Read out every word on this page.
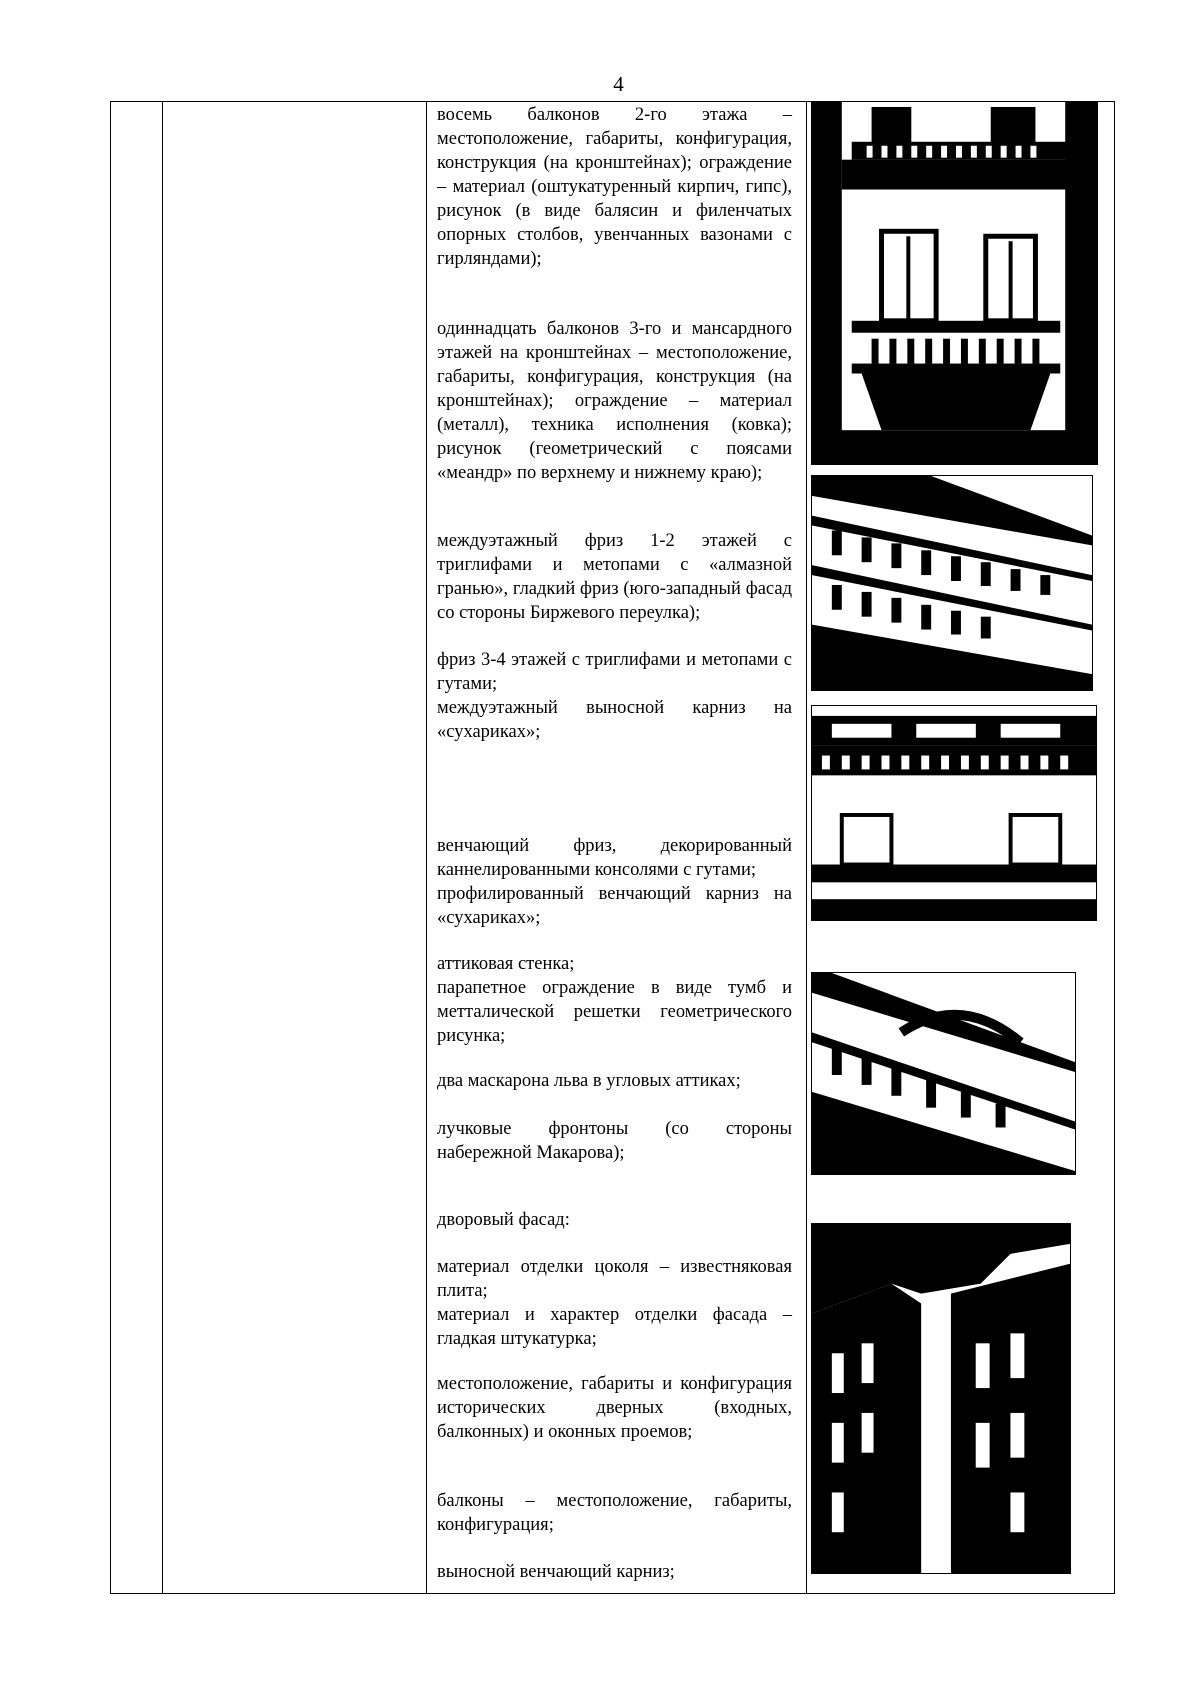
4

восемь балконов 2-го этажа – местоположение, габариты, конфигурация, конструкция (на кронштейнах); ограждение – материал (оштукатуренный кирпич, гипс), рисунок (в виде балясин и филенчатых опорных столбов, увенчанных вазонами с гирляндами);

одиннадцать балконов 3-го и мансардного этажей на кронштейнах – местоположение, габариты, конфигурация, конструкция (на кронштейнах); ограждение – материал (металл), техника исполнения (ковка); рисунок (геометрический с поясами «меандр» по верхнему и нижнему краю);

междуэтажный фриз 1-2 этажей с триглифами и метопами с «алмазной гранью», гладкий фриз (юго-западный фасад со стороны Биржевого переулка);

фриз 3-4 этажей с триглифами и метопами с гутами;

междуэтажный выносной карниз на «сухариках»;

венчающий фриз, декорированный каннелированными консолями с гутами;

профилированный венчающий карниз на «сухариках»;

аттиковая стенка;

парапетное ограждение в виде тумб и метталической решетки геометрического рисунка;

два маскарона льва в угловых аттиках;

лучковые фронтоны (со стороны набережной Макарова);

дворовый фасад:

материал отделки цоколя – известняковая плита;

материал и характер отделки фасада – гладкая штукатурка;

местоположение, габариты и конфигурация исторических дверных (входных, балконных) и оконных проемов;

балконы – местоположение, габариты, конфигурация;

выносной венчающий карниз;
